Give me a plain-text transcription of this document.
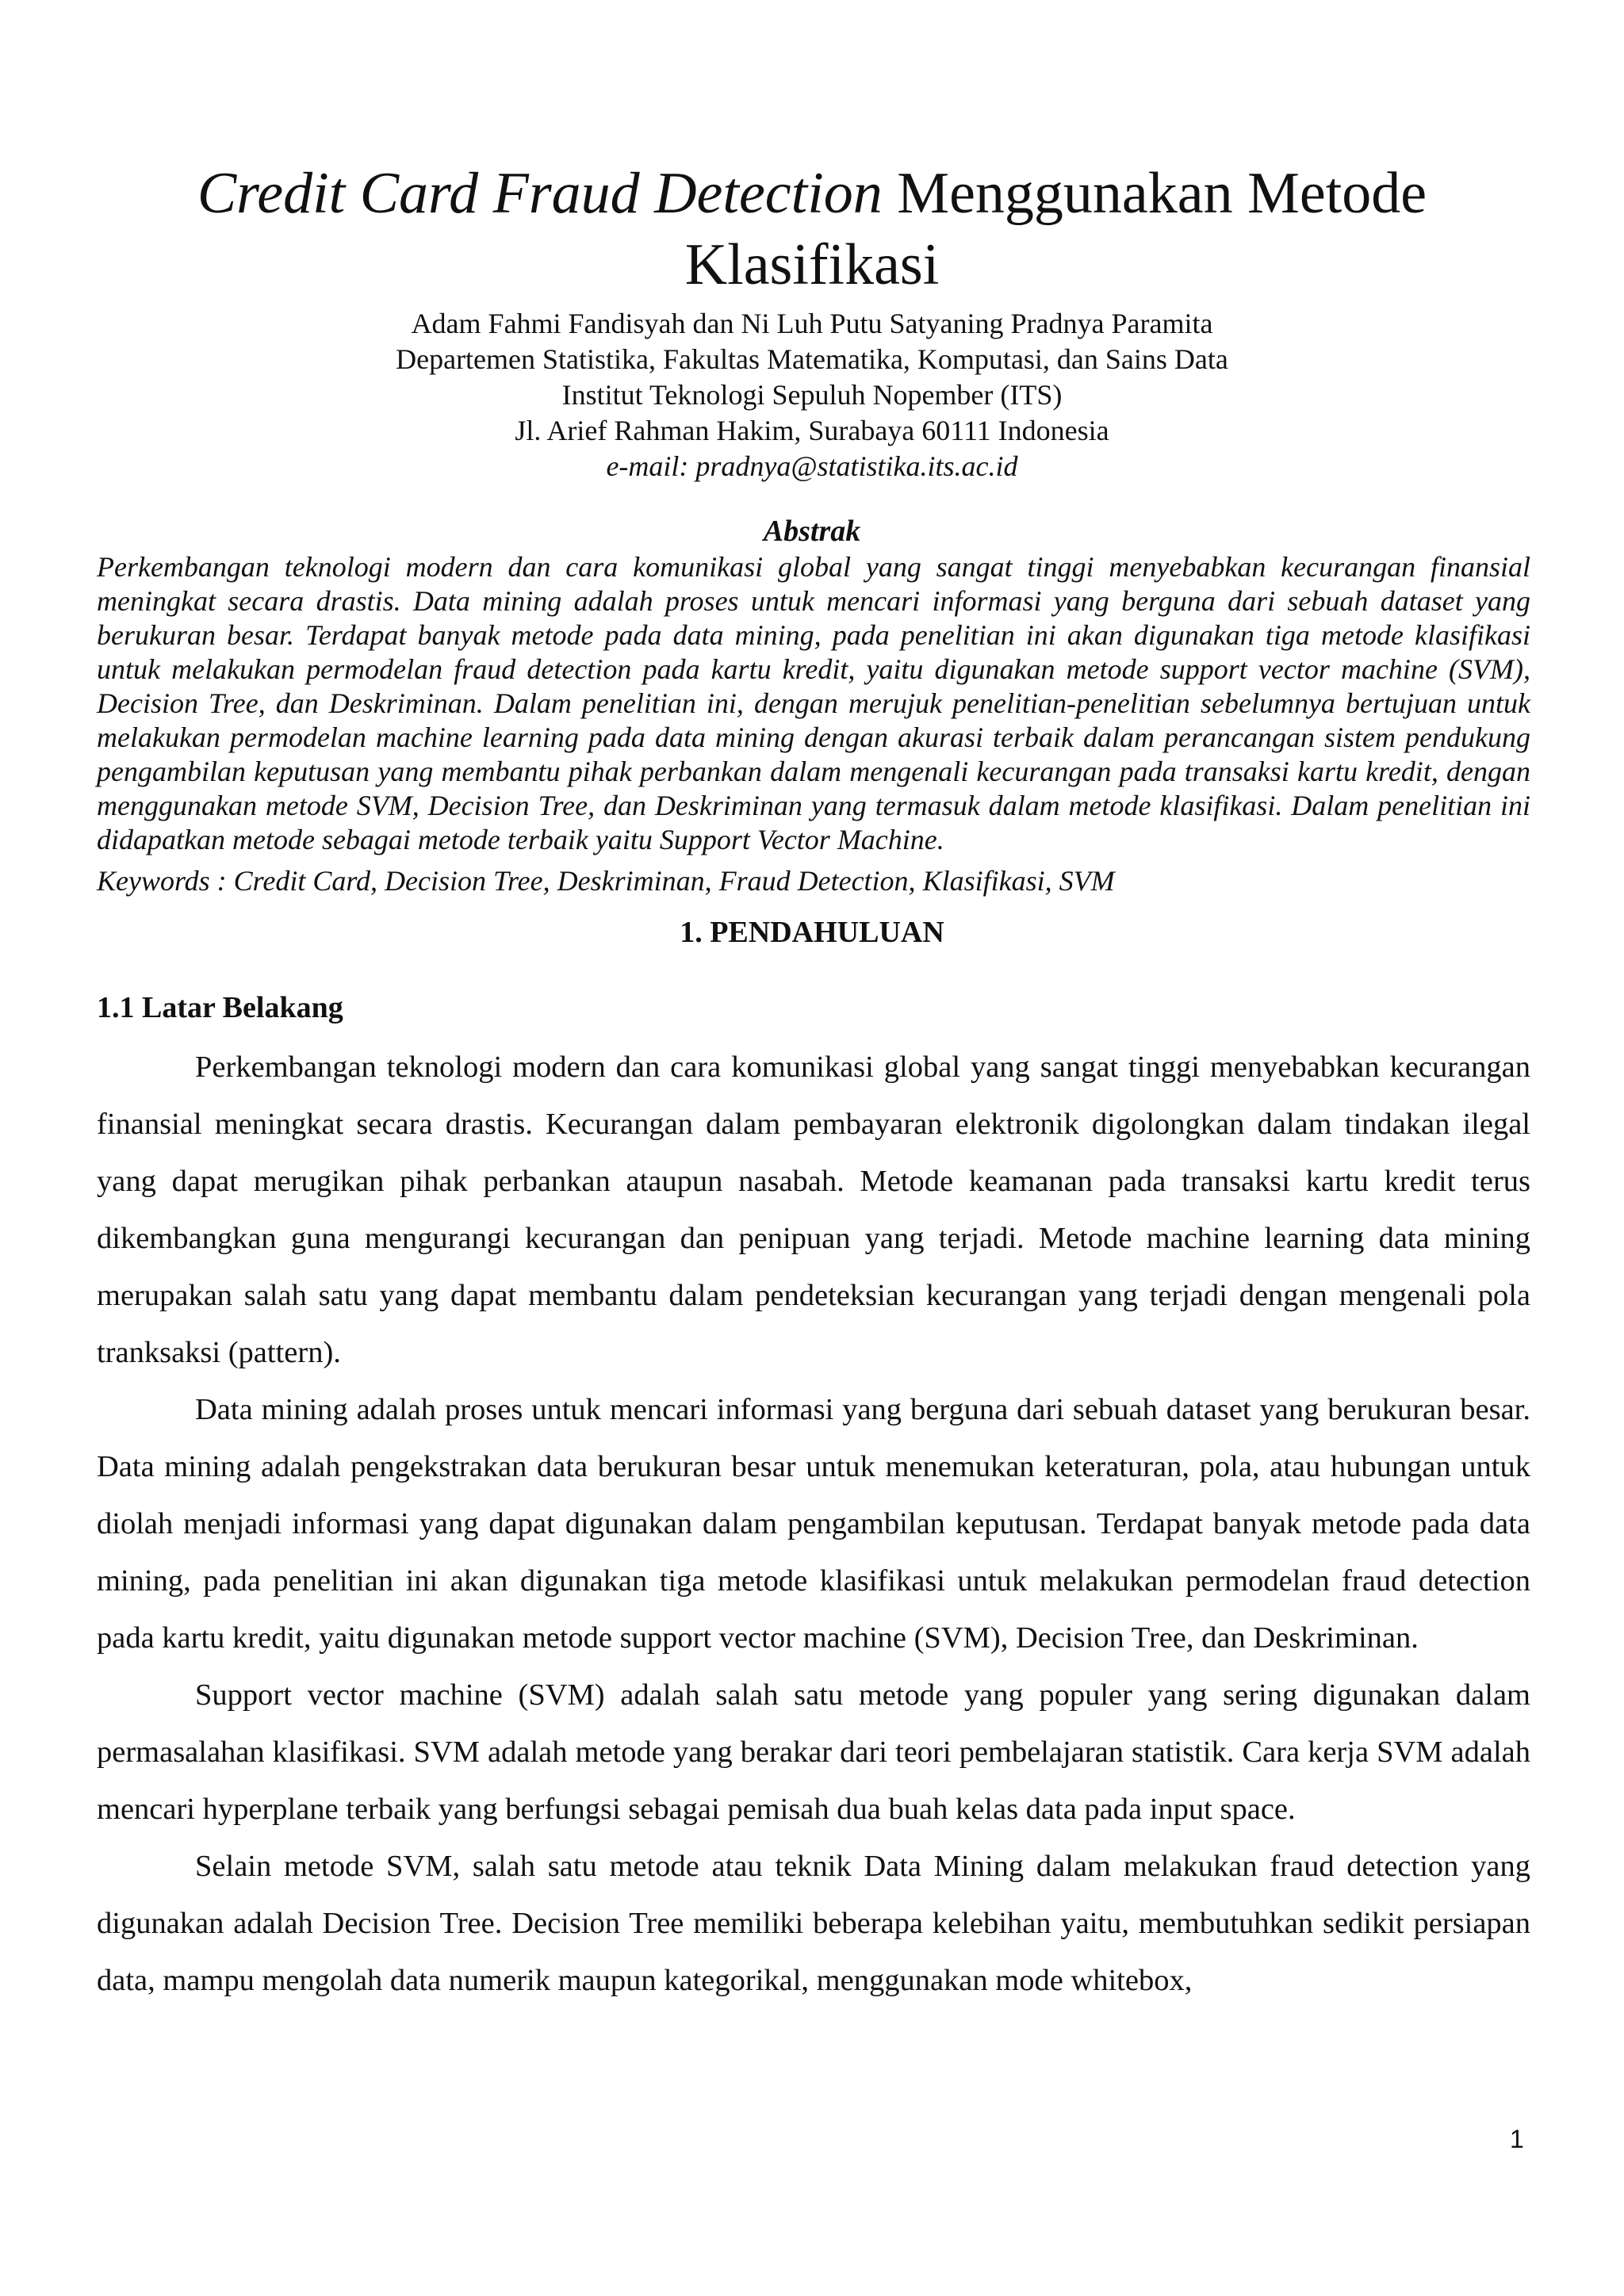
Credit Card Fraud Detection Menggunakan Metode
Klasifikasi

Adam Fahmi Fandisyah dan Ni Luh Putu Satyaning Pradnya Paramita

Departemen Statistika, Fakultas Matematika, Komputasi, dan Sains Data

Institut Teknologi Sepuluh Nopember (ITS)

Jl. Arief Rahman Hakim, Surabaya 60111 Indonesia

e-mail: pradnya@statistika.its.ac.id

Abstrak

Perkembangan teknologi modern dan cara komunikasi global yang sangat tinggi menyebabkan kecurangan finansial meningkat secara drastis. Data mining adalah proses untuk mencari informasi yang berguna dari sebuah dataset yang berukuran besar. Terdapat banyak metode pada data mining, pada penelitian ini akan digunakan tiga metode klasifikasi untuk melakukan permodelan fraud detection pada kartu kredit, yaitu digunakan metode support vector machine (SVM), Decision Tree, dan Deskriminan. Dalam penelitian ini, dengan merujuk penelitian-penelitian sebelumnya bertujuan untuk melakukan permodelan machine learning pada data mining dengan akurasi terbaik dalam perancangan sistem pendukung pengambilan keputusan yang membantu pihak perbankan dalam mengenali kecurangan pada transaksi kartu kredit, dengan menggunakan metode SVM, Decision Tree, dan Deskriminan yang termasuk dalam metode klasifikasi. Dalam penelitian ini didapatkan metode sebagai metode terbaik yaitu Support Vector Machine.

Keywords : Credit Card, Decision Tree, Deskriminan, Fraud Detection, Klasifikasi, SVM

1. PENDAHULUAN
1.1 Latar Belakang

Perkembangan teknologi modern dan cara komunikasi global yang sangat tinggi menyebabkan kecurangan finansial meningkat secara drastis. Kecurangan dalam pembayaran elektronik digolongkan dalam tindakan ilegal yang dapat merugikan pihak perbankan ataupun nasabah. Metode keamanan pada transaksi kartu kredit terus dikembangkan guna mengurangi kecurangan dan penipuan yang terjadi. Metode machine learning data mining merupakan salah satu yang dapat membantu dalam pendeteksian kecurangan yang terjadi dengan mengenali pola tranksaksi (pattern).

Data mining adalah proses untuk mencari informasi yang berguna dari sebuah dataset yang berukuran besar. Data mining adalah pengekstrakan data berukuran besar untuk menemukan keteraturan, pola, atau hubungan untuk diolah menjadi informasi yang dapat digunakan dalam pengambilan keputusan. Terdapat banyak metode pada data mining, pada penelitian ini akan digunakan tiga metode klasifikasi untuk melakukan permodelan fraud detection pada kartu kredit, yaitu digunakan metode support vector machine (SVM), Decision Tree, dan Deskriminan.

Support vector machine (SVM) adalah salah satu metode yang populer yang sering digunakan dalam permasalahan klasifikasi. SVM adalah metode yang berakar dari teori pembelajaran statistik. Cara kerja SVM adalah mencari hyperplane terbaik yang berfungsi sebagai pemisah dua buah kelas data pada input space.

Selain metode SVM, salah satu metode atau teknik Data Mining dalam melakukan fraud detection yang digunakan adalah Decision Tree. Decision Tree memiliki beberapa kelebihan yaitu, membutuhkan sedikit persiapan data, mampu mengolah data numerik maupun kategorikal, menggunakan mode whitebox,

1
